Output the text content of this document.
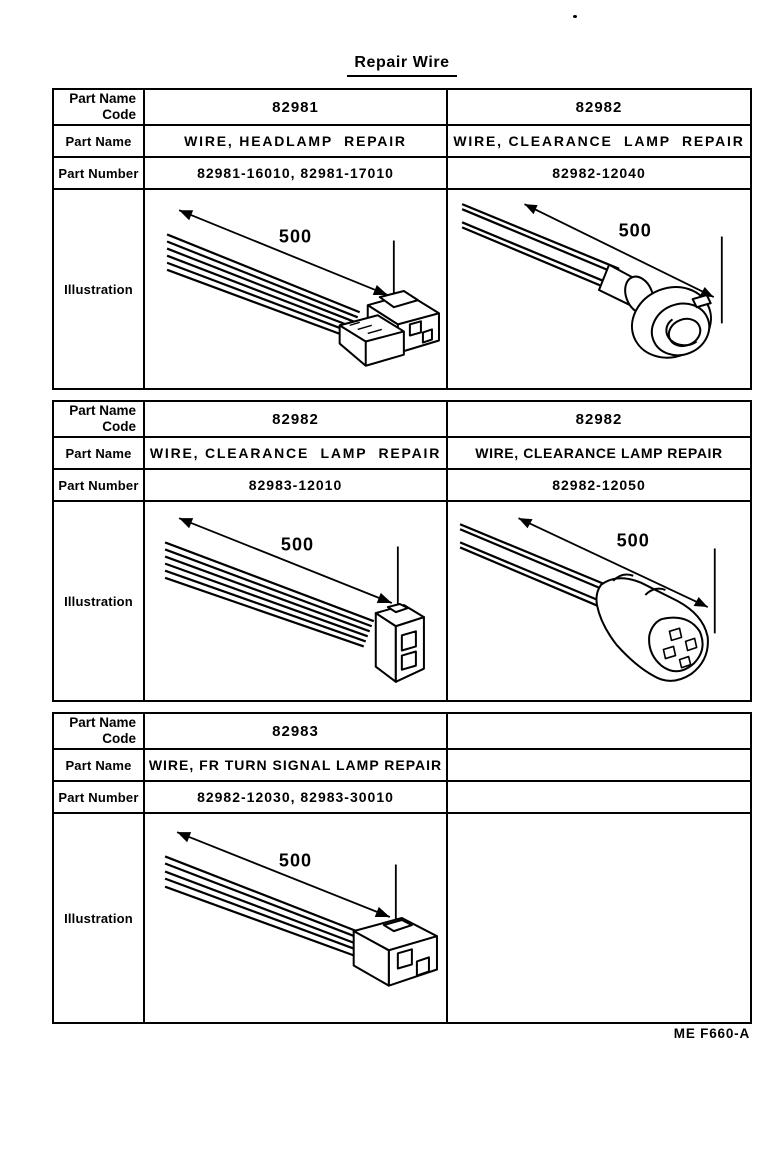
Repair Wire
Part Name
Code	82981	82982
Part Name	WIRE, HEADLAMP  REPAIR	WIRE, CLEARANCE  LAMP  REPAIR
Part Number	82981-16010, 82981-17010	82982-12040
Illustration
500	500
Part Name
Code	82982	82982
Part Name	WIRE, CLEARANCE  LAMP  REPAIR	WIRE, CLEARANCE LAMP REPAIR
Part Number	82983-12010	82982-12050
Illustration
500	500
Part Name
Code	82983
Part Name	WIRE, FR TURN SIGNAL LAMP REPAIR
Part Number	82982-12030, 82983-30010
Illustration
500
ME F660-A
